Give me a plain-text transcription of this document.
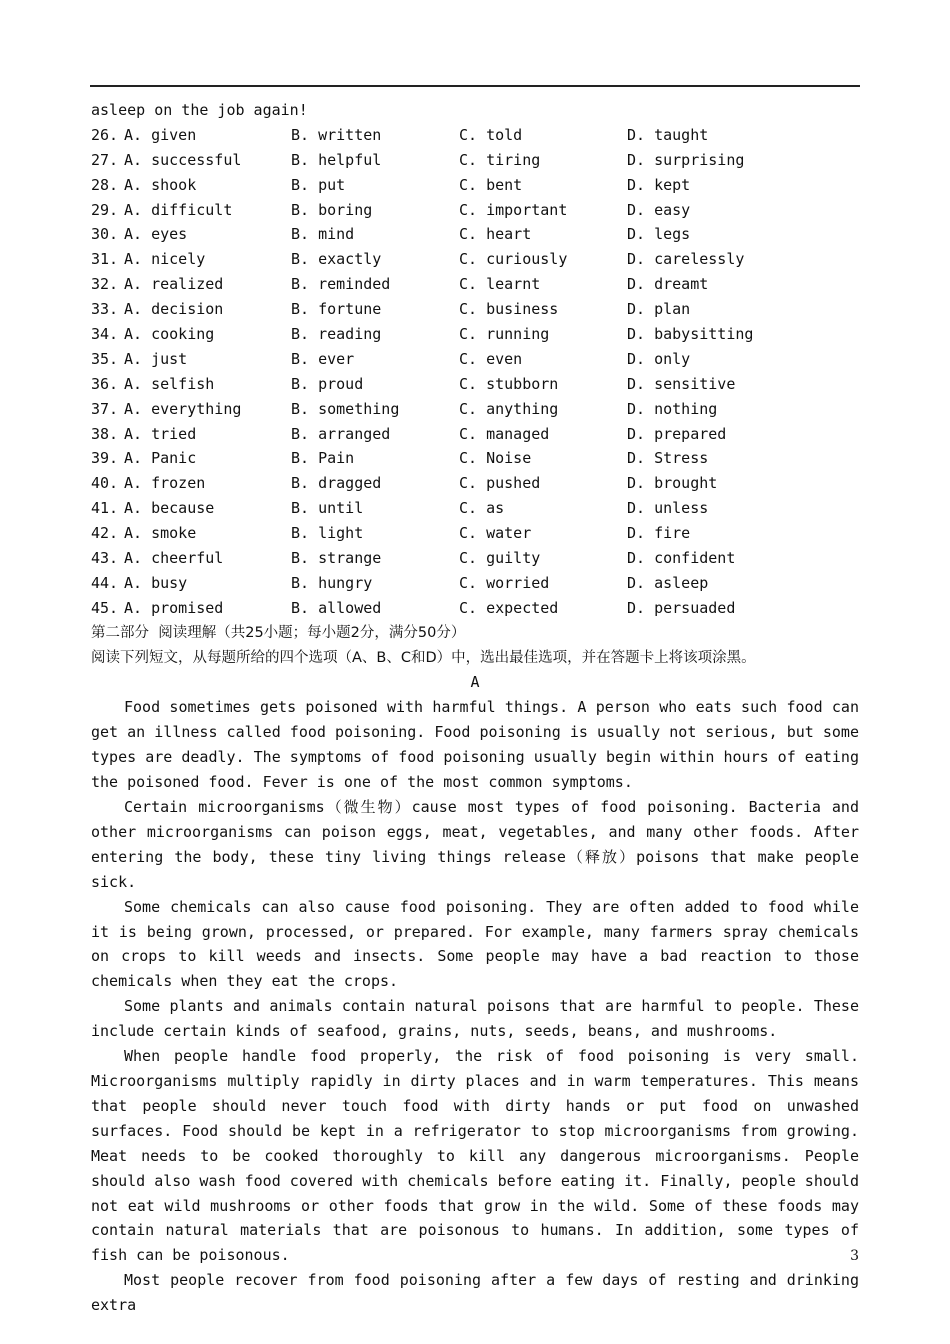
asleep on the job again!
26. A. given	B. written	C. told	D. taught
27. A. successful	B. helpful	C. tiring	D. surprising
28. A. shook	B. put	C. bent	D. kept
29. A. difficult	B. boring	C. important	D. easy
30. A. eyes	B. mind	C. heart	D. legs
31. A. nicely	B. exactly	C. curiously	D. carelessly
32. A. realized	B. reminded	C. learnt	D. dreamt
33. A. decision	B. fortune	C. business	D. plan
34. A. cooking	B. reading	C. running	D. babysitting
35. A. just	B. ever	C. even	D. only
36. A. selfish	B. proud	C. stubborn	D. sensitive
37. A. everything	B. something	C. anything	D. nothing
38. A. tried	B. arranged	C. managed	D. prepared
39. A. Panic	B. Pain	C. Noise	D. Stress
40. A. frozen	B. dragged	C. pushed	D. brought
41. A. because	B. until	C. as	D. unless
42. A. smoke	B. light	C. water	D. fire
43. A. cheerful	B. strange	C. guilty	D. confident
44. A. busy	B. hungry	C. worried	D. asleep
45. A. promised	B. allowed	C. expected	D. persuaded
第二部分  阅读理解（共25小题；每小题2分，满分50分）
阅读下列短文，从每题所给的四个选项（A、B、C和D）中，选出最佳选项，并在答题卡上将该项涂黑。
A

Food sometimes gets poisoned with harmful things. A person who eats such food can get an illness called food poisoning. Food poisoning is usually not serious, but some types are deadly. The symptoms of food poisoning usually begin within hours of eating the poisoned food. Fever is one of the most common symptoms.

Certain microorganisms（微生物）cause most types of food poisoning. Bacteria and other microorganisms can poison eggs, meat, vegetables, and many other foods. After entering the body, these tiny living things release（释放）poisons that make people sick.

Some chemicals can also cause food poisoning. They are often added to food while it is being grown, processed, or prepared. For example, many farmers spray chemicals on crops to kill weeds and insects. Some people may have a bad reaction to those chemicals when they eat the crops.

Some plants and animals contain natural poisons that are harmful to people. These include certain kinds of seafood, grains, nuts, seeds, beans, and mushrooms.

When people handle food properly, the risk of food poisoning is very small. Microorganisms multiply rapidly in dirty places and in warm temperatures. This means that people should never touch food with dirty hands or put food on unwashed surfaces. Food should be kept in a refrigerator to stop microorganisms from growing. Meat needs to be cooked thoroughly to kill any dangerous microorganisms. People should also wash food covered with chemicals before eating it. Finally, people should not eat wild mushrooms or other foods that grow in the wild. Some of these foods may contain natural materials that are poisonous to humans. In addition, some types of fish can be poisonous.

Most people recover from food poisoning after a few days of resting and drinking extra

3
